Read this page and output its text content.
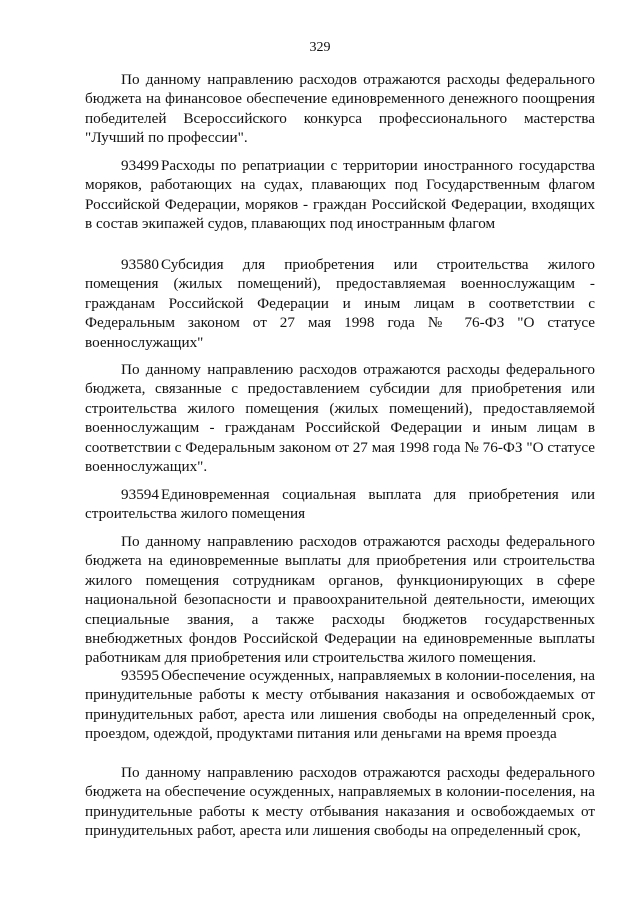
329

По данному направлению расходов отражаются расходы федерального бюджета на финансовое обеспечение единовременного денежного поощрения победителей Всероссийского конкурса профессионального мастерства "Лучший по профессии".

93499 Расходы по репатриации с территории иностранного государства моряков, работающих на судах, плавающих под Государственным флагом Российской Федерации, моряков - граждан Российской Федерации, входящих в состав экипажей судов, плавающих под иностранным флагом

93580 Субсидия для приобретения или строительства жилого помещения (жилых помещений), предоставляемая военнослужащим - гражданам Российской Федерации и иным лицам в соответствии с Федеральным законом от 27 мая 1998 года № 76-ФЗ "О статусе военнослужащих"

По данному направлению расходов отражаются расходы федерального бюджета, связанные с предоставлением субсидии для приобретения или строительства жилого помещения (жилых помещений), предоставляемой военнослужащим - гражданам Российской Федерации и иным лицам в соответствии с Федеральным законом от 27 мая 1998 года № 76-ФЗ "О статусе военнослужащих".

93594 Единовременная социальная выплата для приобретения или строительства жилого помещения

По данному направлению расходов отражаются расходы федерального бюджета на единовременные выплаты для приобретения или строительства жилого помещения сотрудникам органов, функционирующих в сфере национальной безопасности и правоохранительной деятельности, имеющих специальные звания, а также расходы бюджетов государственных внебюджетных фондов Российской Федерации на единовременные выплаты работникам для приобретения или строительства жилого помещения.

93595 Обеспечение осужденных, направляемых в колонии-поселения, на принудительные работы к месту отбывания наказания и освобождаемых от принудительных работ, ареста или лишения свободы на определенный срок, проездом, одеждой, продуктами питания или деньгами на время проезда

По данному направлению расходов отражаются расходы федерального бюджета на обеспечение осужденных, направляемых в колонии-поселения, на принудительные работы к месту отбывания наказания и освобождаемых от принудительных работ, ареста или лишения свободы на определенный срок,
